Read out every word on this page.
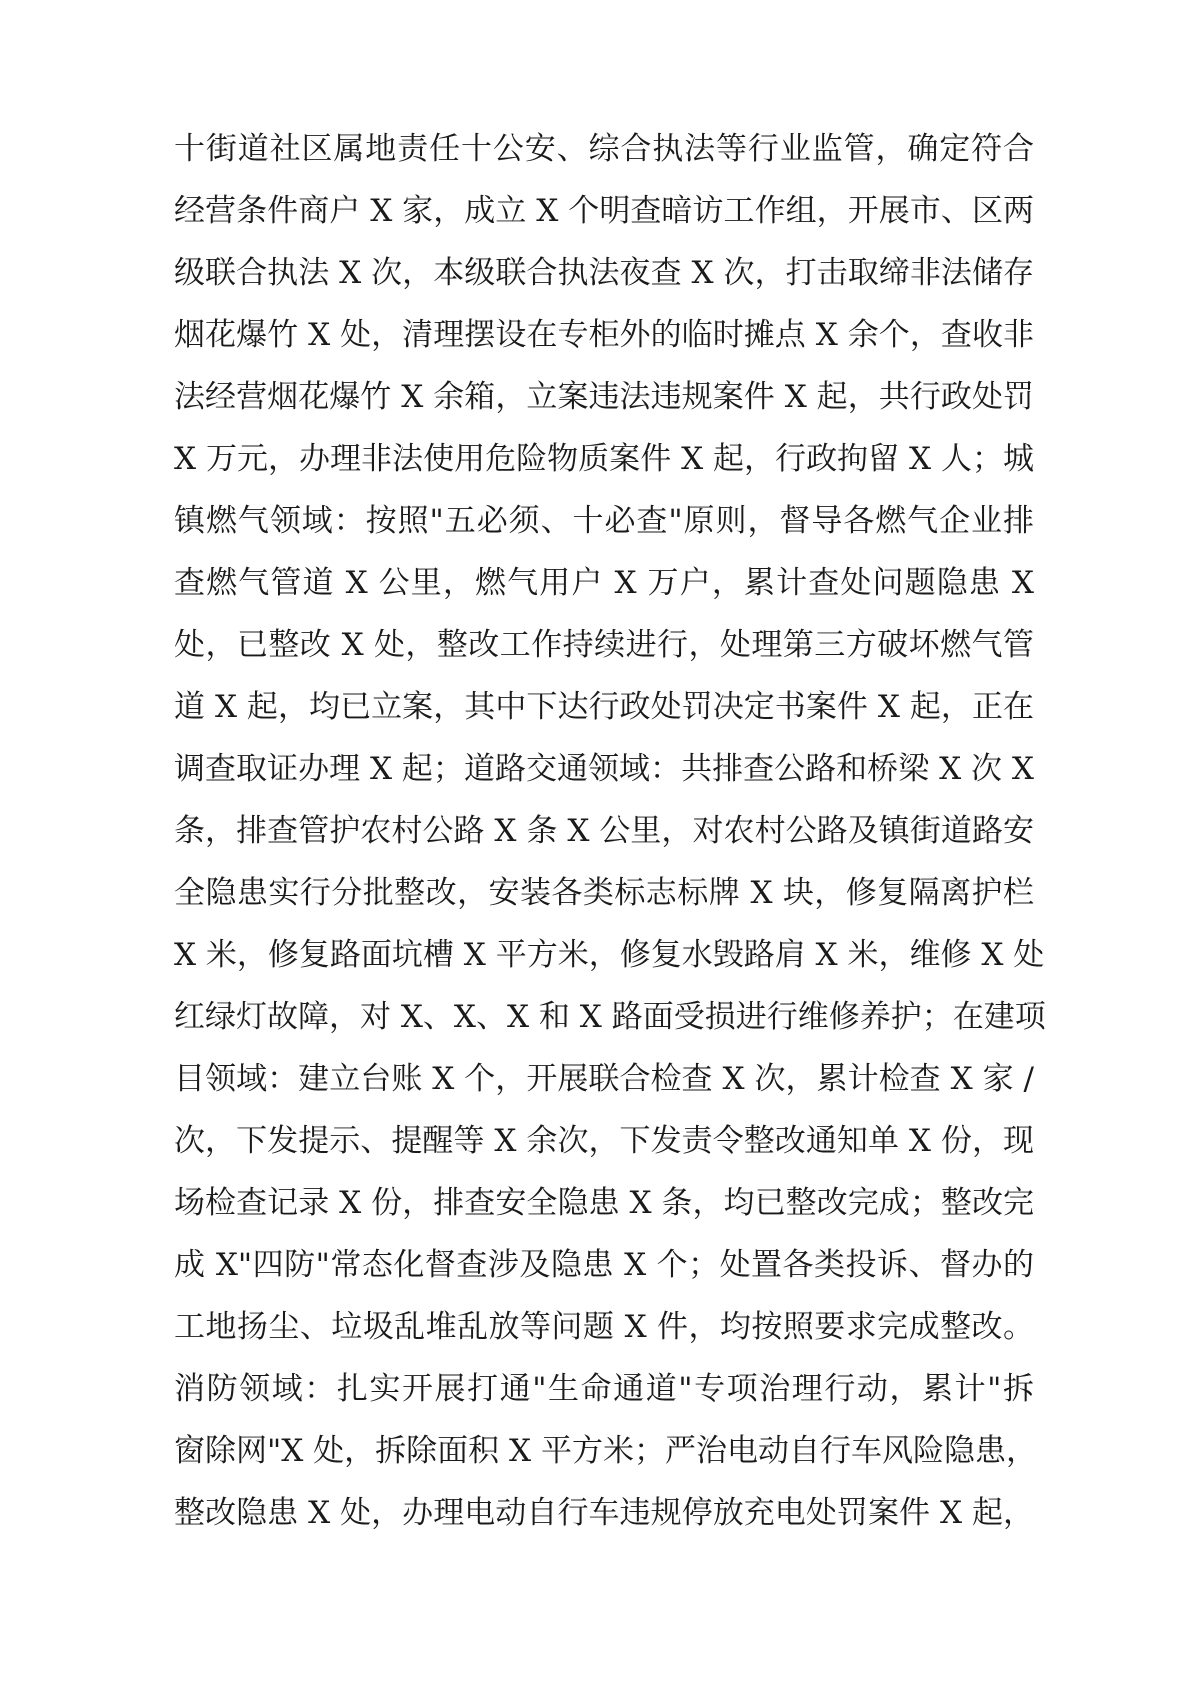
十街道社区属地责任十公安、综合执法等行业监管，确定符合
经营条件商户 X 家，成立 X 个明查暗访工作组，开展市、区两
级联合执法 X 次，本级联合执法夜查 X 次，打击取缔非法储存
烟花爆竹 X 处，清理摆设在专柜外的临时摊点 X 余个，查收非
法经营烟花爆竹 X 余箱，立案违法违规案件 X 起，共行政处罚
X 万元，办理非法使用危险物质案件 X 起，行政拘留 X 人；城
镇燃气领域：按照"五必须、十必查"原则，督导各燃气企业排
查燃气管道 X 公里，燃气用户 X 万户，累计查处问题隐患 X
处，已整改 X 处，整改工作持续进行，处理第三方破坏燃气管
道 X 起，均已立案，其中下达行政处罚决定书案件 X 起，正在
调查取证办理 X 起；道路交通领域：共排查公路和桥梁 X 次 X
条，排查管护农村公路 X 条 X 公里，对农村公路及镇街道路安
全隐患实行分批整改，安装各类标志标牌 X 块，修复隔离护栏
X 米，修复路面坑槽 X 平方米，修复水毁路肩 X 米，维修 X 处
红绿灯故障，对 X、X、X 和 X 路面受损进行维修养护；在建项
目领域：建立台账 X 个，开展联合检查 X 次，累计检查 X 家 /
次，下发提示、提醒等 X 余次，下发责令整改通知单 X 份，现
场检查记录 X 份，排查安全隐患 X 条，均已整改完成；整改完
成 X"四防"常态化督查涉及隐患 X 个；处置各类投诉、督办的
工地扬尘、垃圾乱堆乱放等问题 X 件，均按照要求完成整改。
消防领域：扎实开展打通"生命通道"专项治理行动，累计"拆
窗除网"X 处，拆除面积 X 平方米；严治电动自行车风险隐患，
整改隐患 X 处，办理电动自行车违规停放充电处罚案件 X 起，
